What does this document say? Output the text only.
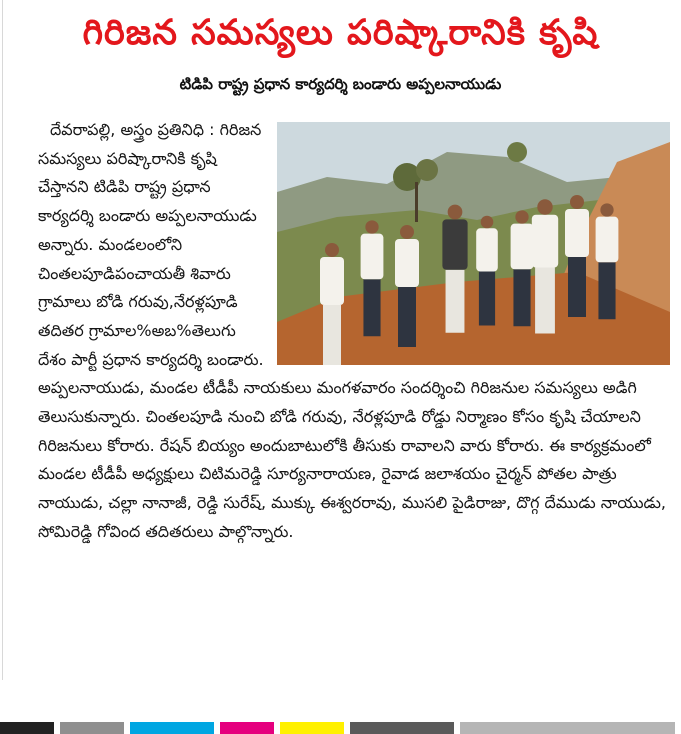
గిరిజన సమస్యలు పరిష్కారానికి కృషి
టిడిపి రాష్ట్ర ప్రధాన కార్యదర్శి బండారు అప్పలనాయుడు

దేవరాపల్లి, అస్త్రం ప్రతినిధి : గిరిజన సమస్యలు పరిష్కారానికి కృషి చేస్తానని టిడిపి రాష్ట్ర ప్రధాన కార్యదర్శి బండారు అప్పలనాయుడు అన్నారు. మండలంలోని చింతలపూడిపంచాయతీ శివారు గ్రామాలు బోడి గరువు,నేరళ్లపూడి తదితర గ్రామాల%అబ%తెలుగు దేశం పార్టీ ప్రధాన కార్యదర్శి బండారు. అప్పలనాయుడు, మండల టీడీపీ నాయకులు మంగళవారం సందర్శించి గిరిజనుల సమస్యలు అడిగి తెలుసుకున్నారు. చింతలపూడి నుంచి బోడి గరువు, నేరళ్లపూడి రోడ్డు నిర్మాణం కోసం కృషి చేయాలని గిరిజనులు కోరారు. రేషన్ బియ్యం అందుబాటులోకి తీసుకు రావాలని వారు కోరారు. ఈ కార్యక్రమంలో మండల టీడీపీ అధ్యక్షులు చిటిమరెడ్డి సూర్యనారాయణ, రైవాడ జలాశయం చైర్మన్ పోతల పాత్రు నాయుడు, చల్లా నానాజీ, రెడ్డి సురేష్, ముక్కు ఈశ్వరరావు, ముసలి పైడిరాజు, దొగ్గ దేముడు నాయుడు, సోమిరెడ్డి గోవింద తదితరులు పాల్గొన్నారు.
